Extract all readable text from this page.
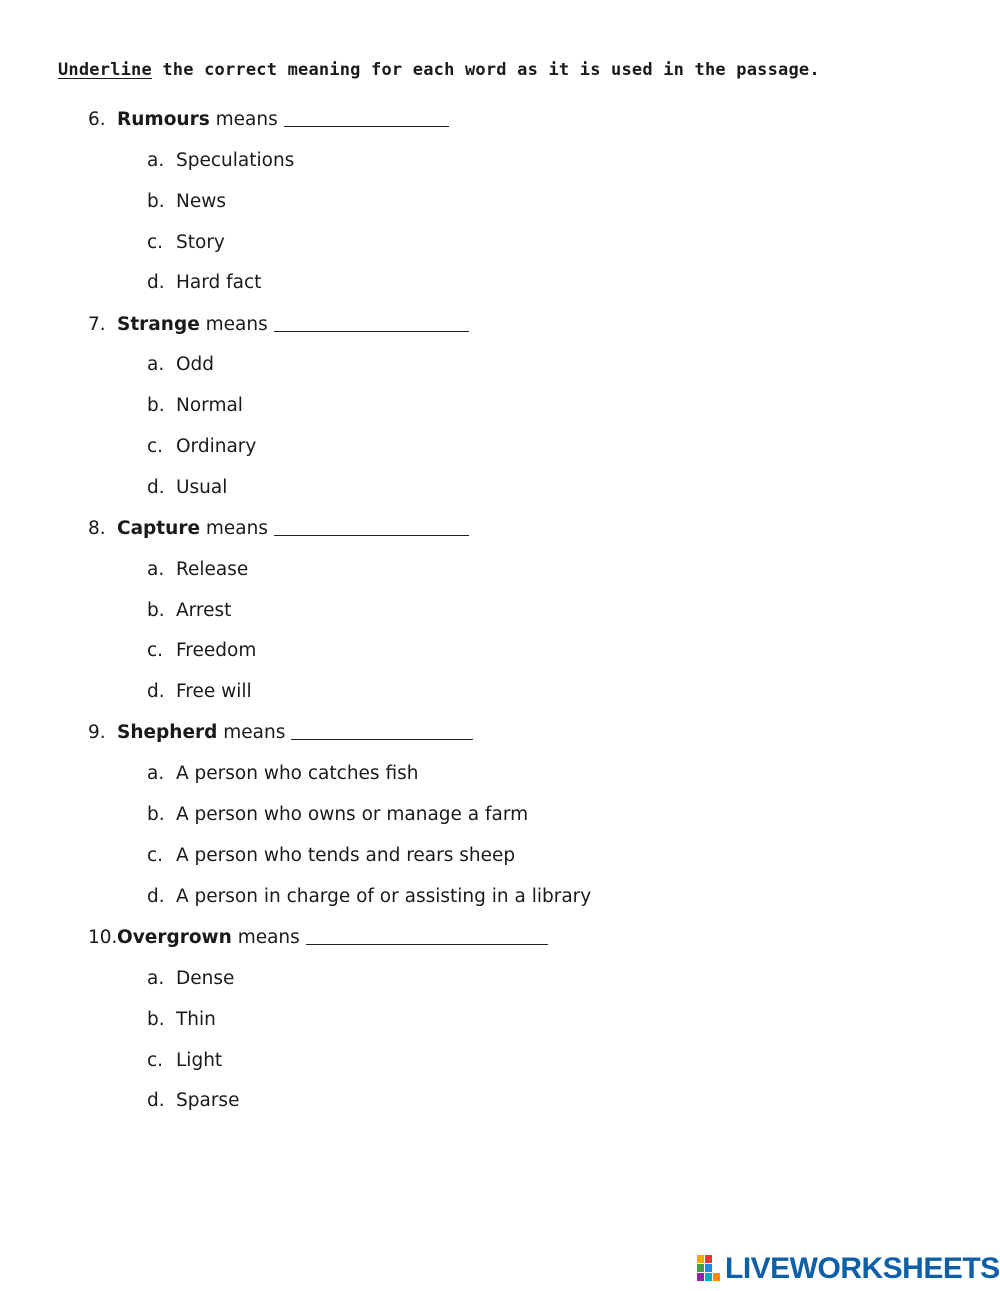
Underline the correct meaning for each word as it is used in the passage.
6. Rumours means
a. Speculations
b. News
c. Story
d. Hard fact
7. Strange means
a. Odd
b. Normal
c. Ordinary
d. Usual
8. Capture means
a. Release
b. Arrest
c. Freedom
d. Free will
9. Shepherd means
a. A person who catches fish
b. A person who owns or manage a farm
c. A person who tends and rears sheep
d. A person in charge of or assisting in a library
10.Overgrown means
a. Dense
b. Thin
c. Light
d. Sparse
LIVEWORKSHEETS
